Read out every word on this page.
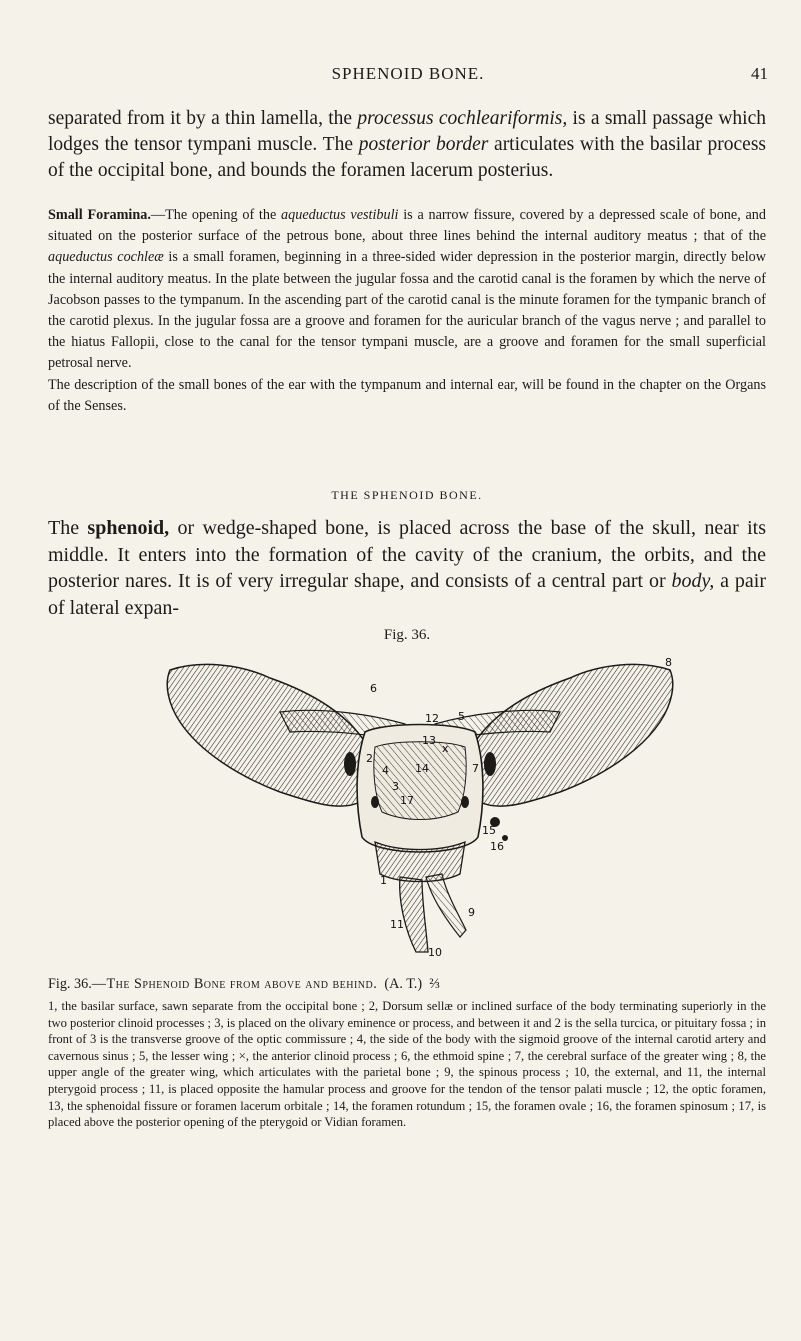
SPHENOID BONE.	41

separated from it by a thin lamella, the processus cochleariformis, is a small passage which lodges the tensor tympani muscle. The posterior border articulates with the basilar process of the occipital bone, and bounds the foramen lacerum posterius.

Small Foramina.—The opening of the aqueductus vestibuli is a narrow fissure, covered by a depressed scale of bone, and situated on the posterior surface of the petrous bone, about three lines behind the internal auditory meatus ; that of the aqueductus cochleæ is a small foramen, beginning in a three-sided wider depression in the posterior margin, directly below the internal auditory meatus. In the plate between the jugular fossa and the carotid canal is the foramen by which the nerve of Jacobson passes to the tympanum. In the ascending part of the carotid canal is the minute foramen for the tympanic branch of the carotid plexus. In the jugular fossa are a groove and foramen for the auricular branch of the vagus nerve ; and parallel to the hiatus Fallopii, close to the canal for the tensor tympani muscle, are a groove and foramen for the small superficial petrosal nerve.

The description of the small bones of the ear with the tympanum and internal ear, will be found in the chapter on the Organs of the Senses.

THE SPHENOID BONE.

The sphenoid, or wedge-shaped bone, is placed across the base of the skull, near its middle. It enters into the formation of the cavity of the cranium, the orbits, and the posterior nares. It is of very irregular shape, and consists of a central part or body, a pair of lateral expan-

Fig. 36.
8
6
12 5
13
14
2
4
3
7
17
15
16
1
11
9
10
x
Fig. 36.—The Sphenoid Bone from above and behind. (A. T.) ⅔

1, the basilar surface, sawn separate from the occipital bone ; 2, Dorsum sellæ or inclined surface of the body terminating superiorly in the two posterior clinoid processes ; 3, is placed on the olivary eminence or process, and between it and 2 is the sella turcica, or pituitary fossa ; in front of 3 is the transverse groove of the optic commissure ; 4, the side of the body with the sigmoid groove of the internal carotid artery and cavernous sinus ; 5, the lesser wing ; ×, the anterior clinoid process ; 6, the ethmoid spine ; 7, the cerebral surface of the greater wing ; 8, the upper angle of the greater wing, which articulates with the parietal bone ; 9, the spinous process ; 10, the external, and 11, the internal pterygoid process ; 11, is placed opposite the hamular process and groove for the tendon of the tensor palati muscle ; 12, the optic foramen, 13, the sphenoidal fissure or foramen lacerum orbitale ; 14, the foramen rotundum ; 15, the foramen ovale ; 16, the foramen spinosum ; 17, is placed above the posterior opening of the pterygoid or Vidian foramen.
